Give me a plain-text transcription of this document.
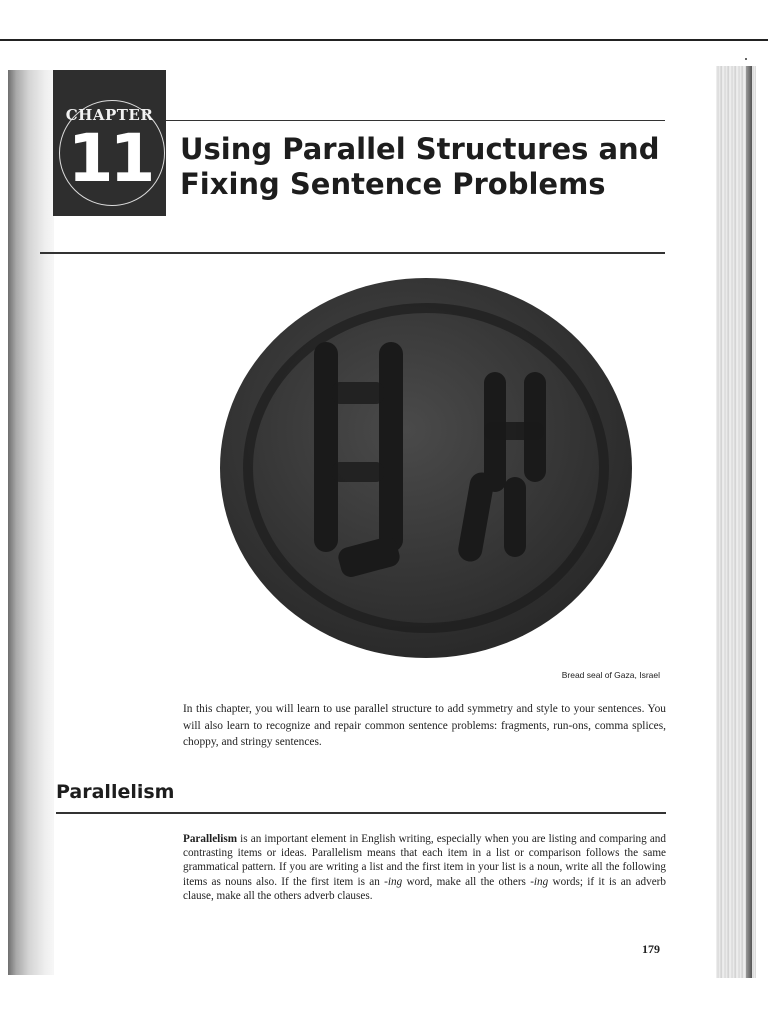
CHAPTER
11 Using Parallel Structures and Fixing Sentence Problems
Bread seal of Gaza, Israel

In this chapter, you will learn to use parallel structure to add symmetry and style to your sentences. You will also learn to recognize and repair common sentence problems: fragments, run-ons, comma splices, choppy, and stringy sentences.

Parallelism

Parallelism is an important element in English writing, especially when you are listing and comparing and contrasting items or ideas. Parallelism means that each item in a list or comparison follows the same grammatical pattern. If you are writing a list and the first item in your list is a noun, write all the following items as nouns also. If the first item is an -ing word, make all the others -ing words; if it is an adverb clause, make all the others adverb clauses.

179
